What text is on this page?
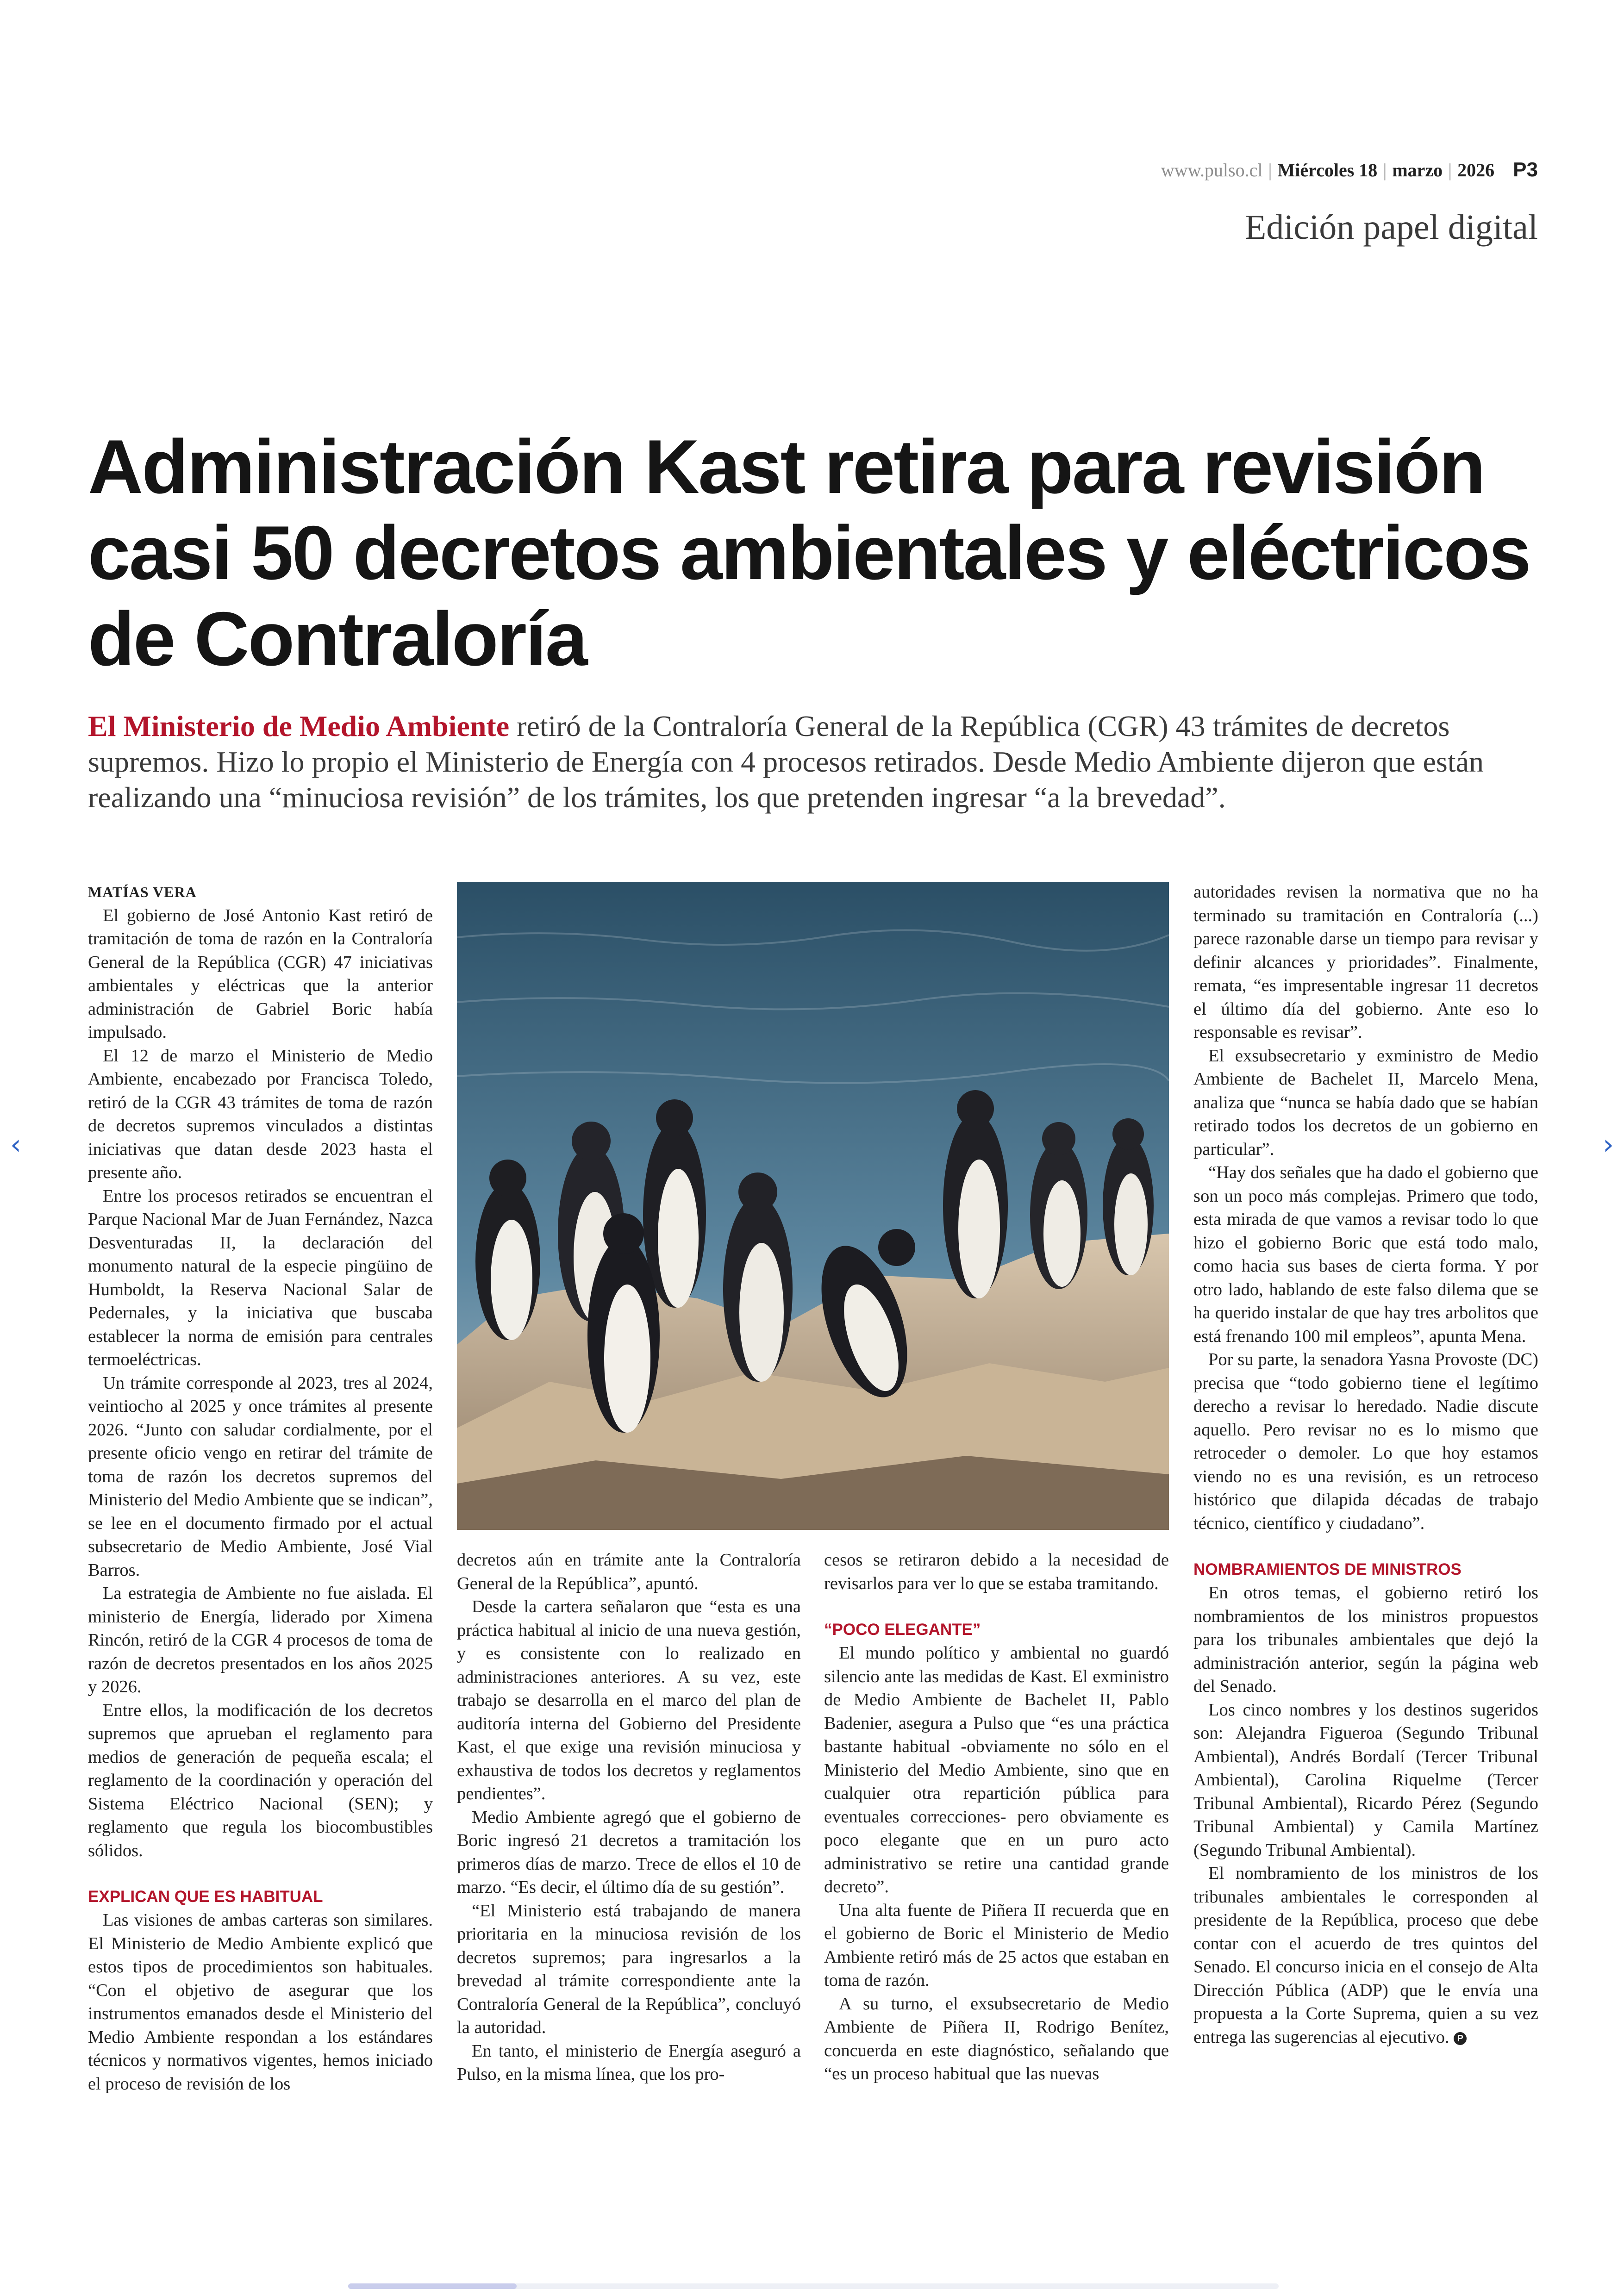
www.pulso.cl | Miércoles 18 | marzo | 2026 P3
Edición papel digital
Administración Kast retira para revisión casi 50 decretos ambientales y eléctricos de Contraloría

El Ministerio de Medio Ambiente retiró de la Contraloría General de la República (CGR) 43 trámites de decretos supremos. Hizo lo propio el Ministerio de Energía con 4 procesos retirados. Desde Medio Ambiente dijeron que están realizando una “minuciosa revisión” de los trámites, los que pretenden ingresar “a la brevedad”.

MATÍAS VERA

El gobierno de José Antonio Kast retiró de tramitación de toma de razón en la Contraloría General de la República (CGR) 47 iniciativas ambientales y eléctricas que la anterior administración de Gabriel Boric había impulsado.

El 12 de marzo el Ministerio de Medio Ambiente, encabezado por Francisca Toledo, retiró de la CGR 43 trámites de toma de razón de decretos supremos vinculados a distintas iniciativas que datan desde 2023 hasta el presente año.

Entre los procesos retirados se encuentran el Parque Nacional Mar de Juan Fernández, Nazca Desventuradas II, la declaración del monumento natural de la especie pingüino de Humboldt, la Reserva Nacional Salar de Pedernales, y la iniciativa que buscaba establecer la norma de emisión para centrales termoeléctricas.

Un trámite corresponde al 2023, tres al 2024, veintiocho al 2025 y once trámites al presente 2026. “Junto con saludar cordialmente, por el presente oficio vengo en retirar del trámite de toma de razón los decretos supremos del Ministerio del Medio Ambiente que se indican”, se lee en el documento firmado por el actual subsecretario de Medio Ambiente, José Vial Barros.

La estrategia de Ambiente no fue aislada. El ministerio de Energía, liderado por Ximena Rincón, retiró de la CGR 4 procesos de toma de razón de decretos presentados en los años 2025 y 2026.

Entre ellos, la modificación de los decretos supremos que aprueban el reglamento para medios de generación de pequeña escala; el reglamento de la coordinación y operación del Sistema Eléctrico Nacional (SEN); y reglamento que regula los biocombustibles sólidos.

EXPLICAN QUE ES HABITUAL

Las visiones de ambas carteras son similares. El Ministerio de Medio Ambiente explicó que estos tipos de procedimientos son habituales. “Con el objetivo de asegurar que los instrumentos emanados desde el Ministerio del Medio Ambiente respondan a los estándares técnicos y normativos vigentes, hemos iniciado el proceso de revisión de los

decretos aún en trámite ante la Contraloría General de la República”, apuntó.

Desde la cartera señalaron que “esta es una práctica habitual al inicio de una nueva gestión, y es consistente con lo realizado en administraciones anteriores. A su vez, este trabajo se desarrolla en el marco del plan de auditoría interna del Gobierno del Presidente Kast, el que exige una revisión minuciosa y exhaustiva de todos los decretos y reglamentos pendientes”.

Medio Ambiente agregó que el gobierno de Boric ingresó 21 decretos a tramitación los primeros días de marzo. Trece de ellos el 10 de marzo. “Es decir, el último día de su gestión”.

“El Ministerio está trabajando de manera prioritaria en la minuciosa revisión de los decretos supremos; para ingresarlos a la brevedad al trámite correspondiente ante la Contraloría General de la República”, concluyó la autoridad.

En tanto, el ministerio de Energía aseguró a Pulso, en la misma línea, que los pro-

cesos se retiraron debido a la necesidad de revisarlos para ver lo que se estaba tramitando.

“POCO ELEGANTE”

El mundo político y ambiental no guardó silencio ante las medidas de Kast. El exministro de Medio Ambiente de Bachelet II, Pablo Badenier, asegura a Pulso que “es una práctica bastante habitual -obviamente no sólo en el Ministerio del Medio Ambiente, sino que en cualquier otra repartición pública para eventuales correcciones- pero obviamente es poco elegante que en un puro acto administrativo se retire una cantidad grande decreto”.

Una alta fuente de Piñera II recuerda que en el gobierno de Boric el Ministerio de Medio Ambiente retiró más de 25 actos que estaban en toma de razón.

A su turno, el exsubsecretario de Medio Ambiente de Piñera II, Rodrigo Benítez, concuerda en este diagnóstico, señalando que “es un proceso habitual que las nuevas

autoridades revisen la normativa que no ha terminado su tramitación en Contraloría (...) parece razonable darse un tiempo para revisar y definir alcances y prioridades”. Finalmente, remata, “es impresentable ingresar 11 decretos el último día del gobierno. Ante eso lo responsable es revisar”.

El exsubsecretario y exministro de Medio Ambiente de Bachelet II, Marcelo Mena, analiza que “nunca se había dado que se habían retirado todos los decretos de un gobierno en particular”.

“Hay dos señales que ha dado el gobierno que son un poco más complejas. Primero que todo, esta mirada de que vamos a revisar todo lo que hizo el gobierno Boric que está todo malo, como hacia sus bases de cierta forma. Y por otro lado, hablando de este falso dilema que se ha querido instalar de que hay tres arbolitos que está frenando 100 mil empleos”, apunta Mena.

Por su parte, la senadora Yasna Provoste (DC) precisa que “todo gobierno tiene el legítimo derecho a revisar lo heredado. Nadie discute aquello. Pero revisar no es lo mismo que retroceder o demoler. Lo que hoy estamos viendo no es una revisión, es un retroceso histórico que dilapida décadas de trabajo técnico, científico y ciudadano”.

NOMBRAMIENTOS DE MINISTROS

En otros temas, el gobierno retiró los nombramientos de los ministros propuestos para los tribunales ambientales que dejó la administración anterior, según la página web del Senado.

Los cinco nombres y los destinos sugeridos son: Alejandra Figueroa (Segundo Tribunal Ambiental), Andrés Bordalí (Tercer Tribunal Ambiental), Carolina Riquelme (Tercer Tribunal Ambiental), Ricardo Pérez (Segundo Tribunal Ambiental) y Camila Martínez (Segundo Tribunal Ambiental).

El nombramiento de los ministros de los tribunales ambientales le corresponden al presidente de la República, proceso que debe contar con el acuerdo de tres quintos del Senado. El concurso inicia en el consejo de Alta Dirección Pública (ADP) que le envía una propuesta a la Corte Suprema, quien a su vez entrega las sugerencias al ejecutivo. P

‹	›
